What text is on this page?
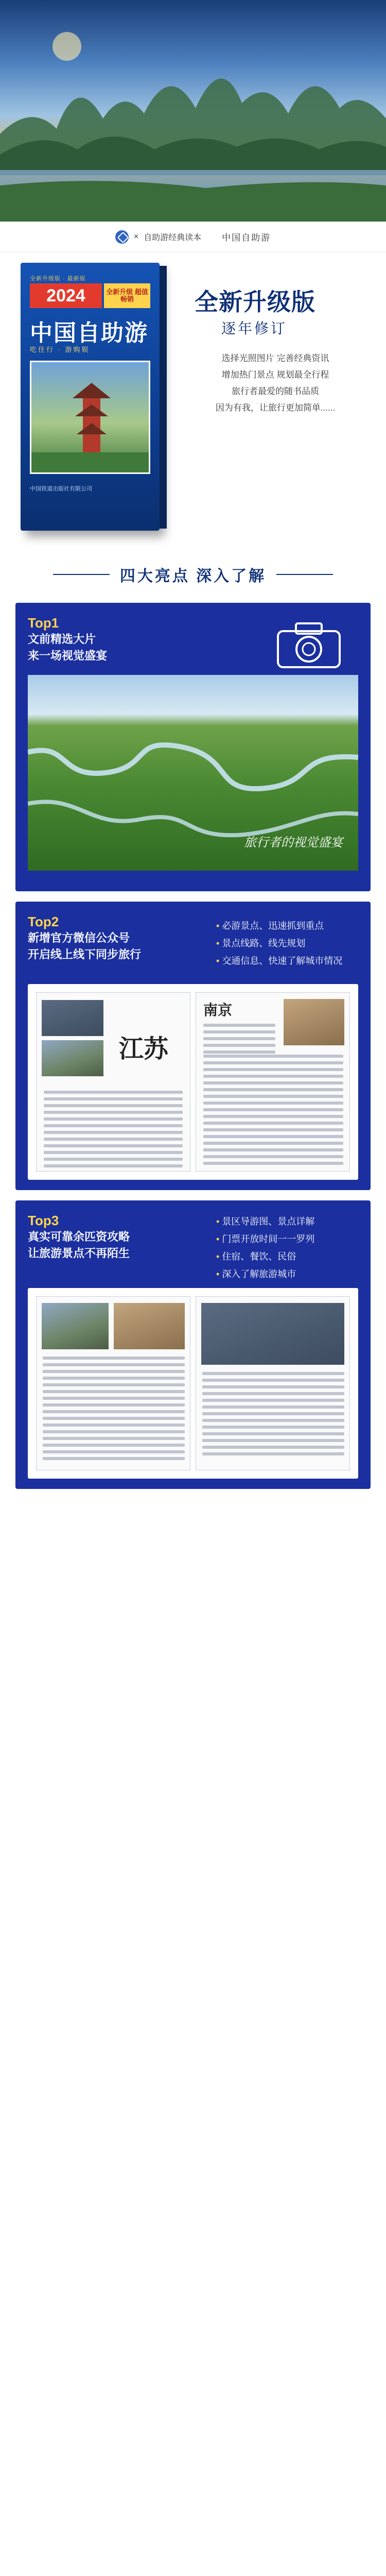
× 自助游经典读本 中国自助游
全新升级版 · 最新版
2024	全新升级 超值畅销
中国自助游
吃住行 · 游购娱
中国铁道出版社有限公司
全新升级版
逐年修订
选择光照图片 完善经典资讯
增加热门景点 规划最全行程
旅行者最爱的随书品质
因为有我，让旅行更加简单......
四大亮点 深入了解
Top1
文前精选大片
来一场视觉盛宴
旅行者的视觉盛宴
Top2
新增官方微信公众号
开启线上线下同步旅行
• 必游景点、迅速抓到重点
• 景点线路、线先规划
• 交通信息、快速了解城市情况
江苏
南京
Top3
真实可靠余匹资攻略
让旅游景点不再陌生
• 景区导游图、景点详解
• 门票开放时间一一罗列
• 住宿、餐饮、民俗
• 深入了解旅游城市
